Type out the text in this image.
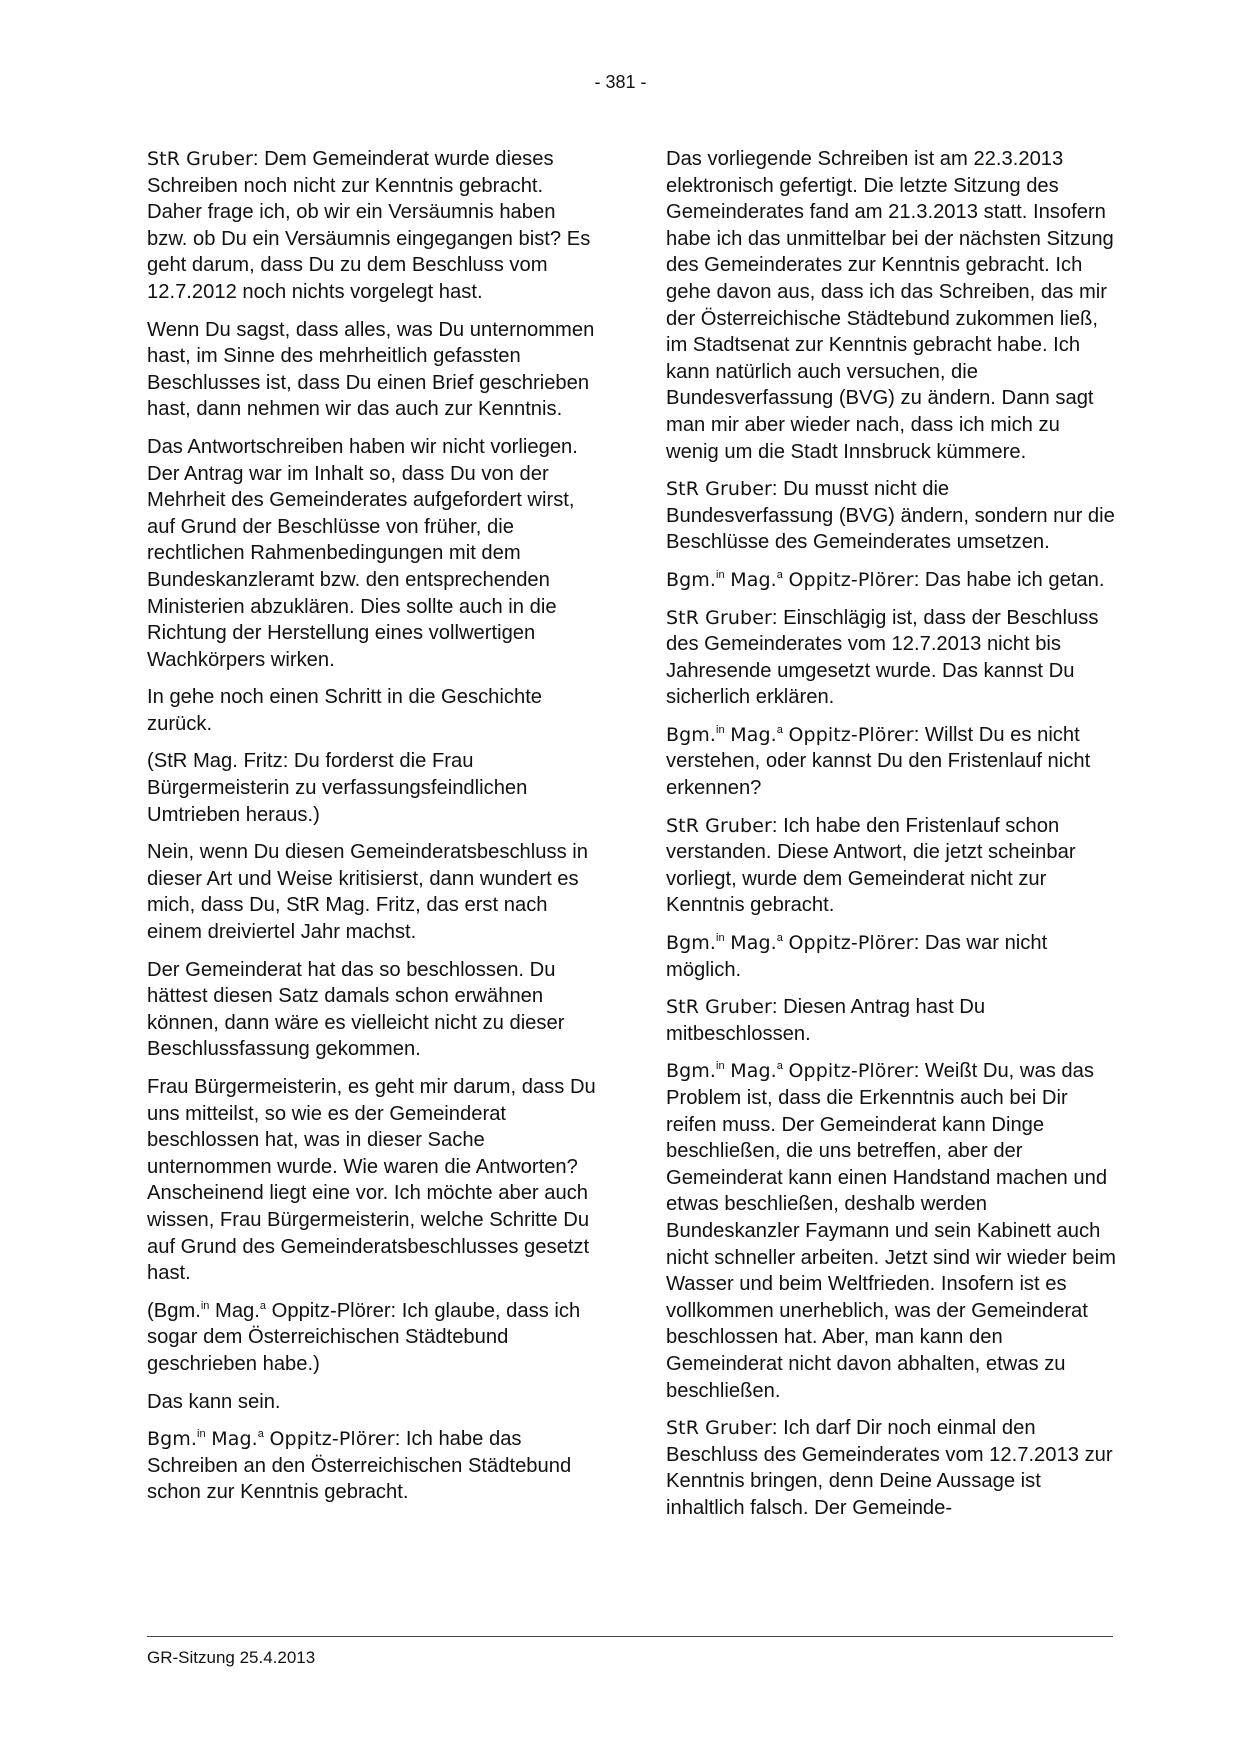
- 381 -

StR Gruber: Dem Gemeinderat wurde dieses Schreiben noch nicht zur Kenntnis gebracht. Daher frage ich, ob wir ein Versäumnis haben bzw. ob Du ein Versäumnis eingegangen bist? Es geht darum, dass Du zu dem Beschluss vom 12.7.2012 noch nichts vorgelegt hast.

Wenn Du sagst, dass alles, was Du unternommen hast, im Sinne des mehrheitlich gefassten Beschlusses ist, dass Du einen Brief geschrieben hast, dann nehmen wir das auch zur Kenntnis.

Das Antwortschreiben haben wir nicht vorliegen. Der Antrag war im Inhalt so, dass Du von der Mehrheit des Gemeinderates aufgefordert wirst, auf Grund der Beschlüsse von früher, die rechtlichen Rahmenbedingungen mit dem Bundeskanzleramt bzw. den entsprechenden Ministerien abzuklären. Dies sollte auch in die Richtung der Herstellung eines vollwertigen Wachkörpers wirken.

In gehe noch einen Schritt in die Geschichte zurück.

(StR Mag. Fritz: Du forderst die Frau Bürgermeisterin zu verfassungsfeindlichen Umtrieben heraus.)

Nein, wenn Du diesen Gemeinderatsbeschluss in dieser Art und Weise kritisierst, dann wundert es mich, dass Du, StR Mag. Fritz, das erst nach einem dreiviertel Jahr machst.

Der Gemeinderat hat das so beschlossen. Du hättest diesen Satz damals schon erwähnen können, dann wäre es vielleicht nicht zu dieser Beschlussfassung gekommen.

Frau Bürgermeisterin, es geht mir darum, dass Du uns mitteilst, so wie es der Gemeinderat beschlossen hat, was in dieser Sache unternommen wurde. Wie waren die Antworten? Anscheinend liegt eine vor. Ich möchte aber auch wissen, Frau Bürgermeisterin, welche Schritte Du auf Grund des Gemeinderatsbeschlusses gesetzt hast.

(Bgm.$^{in}$ Mag.$^a$ Oppitz-Plörer: Ich glaube, dass ich sogar dem Österreichischen Städtebund geschrieben habe.)

Das kann sein.

Bgm.$^{in}$ Mag.$^a$ Oppitz-Plörer: Ich habe das Schreiben an den Österreichischen Städtebund schon zur Kenntnis gebracht.

Das vorliegende Schreiben ist am 22.3.2013 elektronisch gefertigt. Die letzte Sitzung des Gemeinderates fand am 21.3.2013 statt. Insofern habe ich das unmittelbar bei der nächsten Sitzung des Gemeinderates zur Kenntnis gebracht. Ich gehe davon aus, dass ich das Schreiben, das mir der Österreichische Städtebund zukommen ließ, im Stadtsenat zur Kenntnis gebracht habe. Ich kann natürlich auch versuchen, die Bundesverfassung (BVG) zu ändern. Dann sagt man mir aber wieder nach, dass ich mich zu wenig um die Stadt Innsbruck kümmere.

StR Gruber: Du musst nicht die Bundesverfassung (BVG) ändern, sondern nur die Beschlüsse des Gemeinderates umsetzen.

Bgm.$^{in}$ Mag.$^a$ Oppitz-Plörer: Das habe ich getan.

StR Gruber: Einschlägig ist, dass der Beschluss des Gemeinderates vom 12.7.2013 nicht bis Jahresende umgesetzt wurde. Das kannst Du sicherlich erklären.

Bgm.$^{in}$ Mag.$^a$ Oppitz-Plörer: Willst Du es nicht verstehen, oder kannst Du den Fristenlauf nicht erkennen?

StR Gruber: Ich habe den Fristenlauf schon verstanden. Diese Antwort, die jetzt scheinbar vorliegt, wurde dem Gemeinderat nicht zur Kenntnis gebracht.

Bgm.$^{in}$ Mag.$^a$ Oppitz-Plörer: Das war nicht möglich.

StR Gruber: Diesen Antrag hast Du mitbeschlossen.

Bgm.$^{in}$ Mag.$^a$ Oppitz-Plörer: Weißt Du, was das Problem ist, dass die Erkenntnis auch bei Dir reifen muss. Der Gemeinderat kann Dinge beschließen, die uns betreffen, aber der Gemeinderat kann einen Handstand machen und etwas beschließen, deshalb werden Bundeskanzler Faymann und sein Kabinett auch nicht schneller arbeiten. Jetzt sind wir wieder beim Wasser und beim Weltfrieden. Insofern ist es vollkommen unerheblich, was der Gemeinderat beschlossen hat. Aber, man kann den Gemeinderat nicht davon abhalten, etwas zu beschließen.

StR Gruber: Ich darf Dir noch einmal den Beschluss des Gemeinderates vom 12.7.2013 zur Kenntnis bringen, denn Deine Aussage ist inhaltlich falsch. Der Gemeinde-

GR-Sitzung 25.4.2013
